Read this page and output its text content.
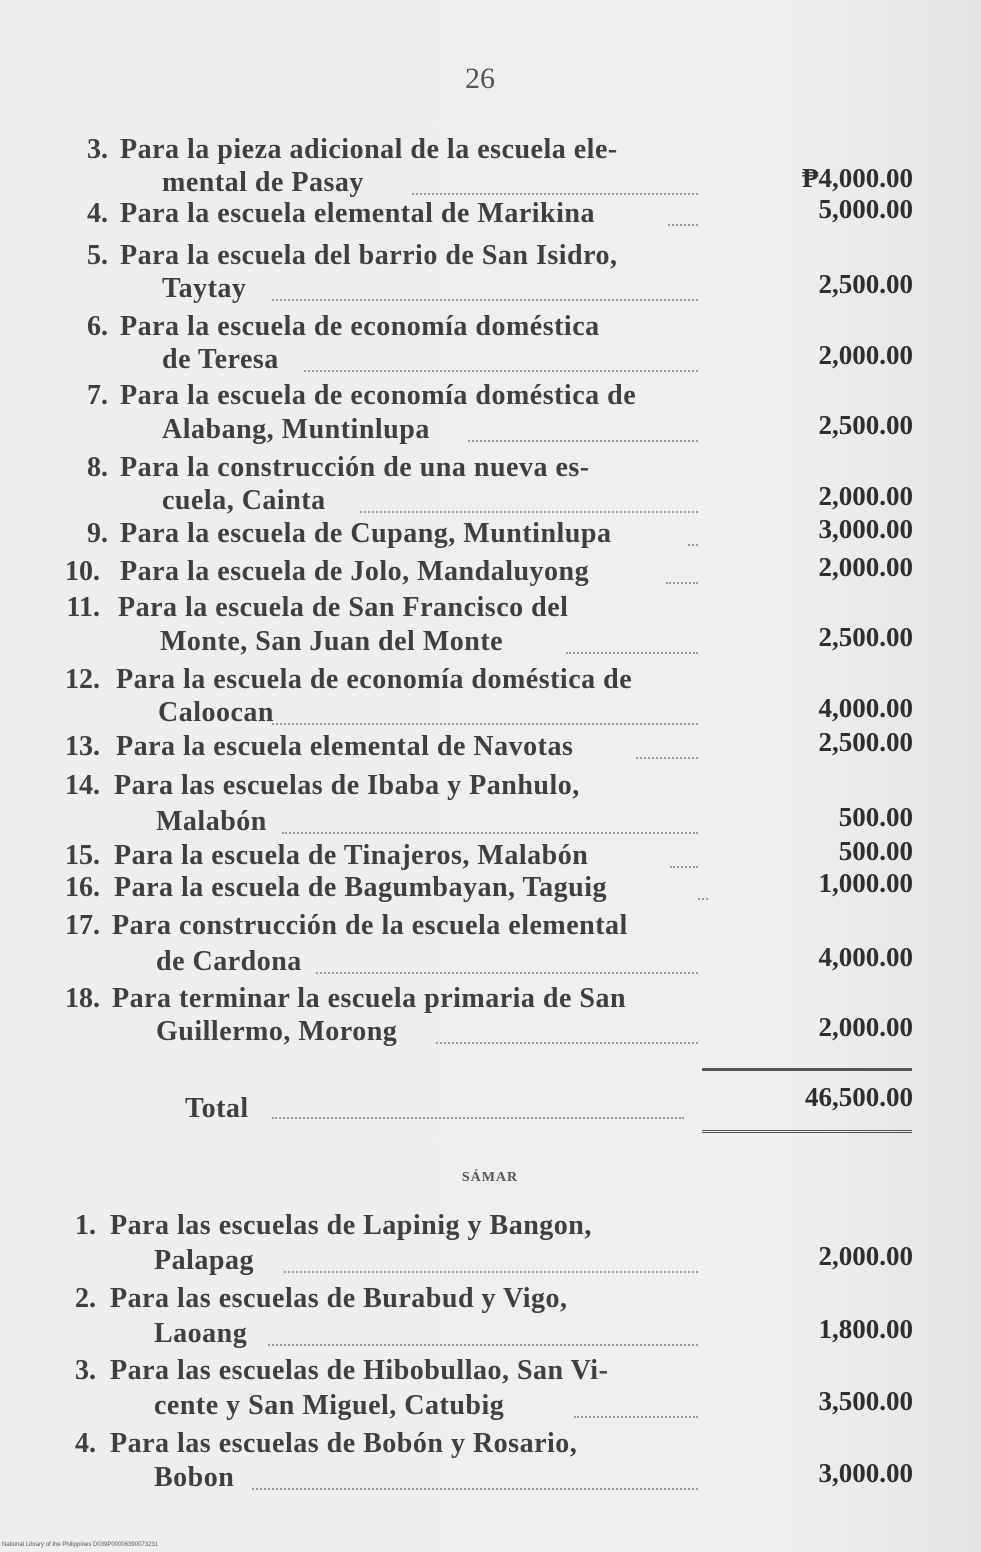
26
3. Para la pieza adicional de la escuela ele-
mental de Pasay	₱4,000.00
4. Para la escuela elemental de Marikina	5,000.00
5. Para la escuela del barrio de San Isidro,
Taytay	2,500.00
6. Para la escuela de economía doméstica
de Teresa	2,000.00
7. Para la escuela de economía doméstica de
Alabang, Muntinlupa	2,500.00
8. Para la construcción de una nueva es-
cuela, Cainta	2,000.00
9. Para la escuela de Cupang, Muntinlupa	3,000.00
10. Para la escuela de Jolo, Mandaluyong	2,000.00
11. Para la escuela de San Francisco del
Monte, San Juan del Monte	2,500.00
12. Para la escuela de economía doméstica de
Caloocan	4,000.00
13. Para la escuela elemental de Navotas	2,500.00
14. Para las escuelas de Ibaba y Panhulo,
Malabón	500.00
15. Para la escuela de Tinajeros, Malabón	500.00
16. Para la escuela de Bagumbayan, Taguig	1,000.00
17. Para construcción de la escuela elemental
de Cardona	4,000.00
18. Para terminar la escuela primaria de San
Guillermo, Morong	2,000.00
Total	46,500.00
SÁMAR
1. Para las escuelas de Lapinig y Bangon,
Palapag	2,000.00
2. Para las escuelas de Burabud y Vigo,
Laoang	1,800.00
3. Para las escuelas de Hibobullao, San Vi-
cente y San Miguel, Catubig	3,500.00
4. Para las escuelas de Bobón y Rosario,
Bobon	3,000.00
National Library of the Philippines D039P00006390073231
